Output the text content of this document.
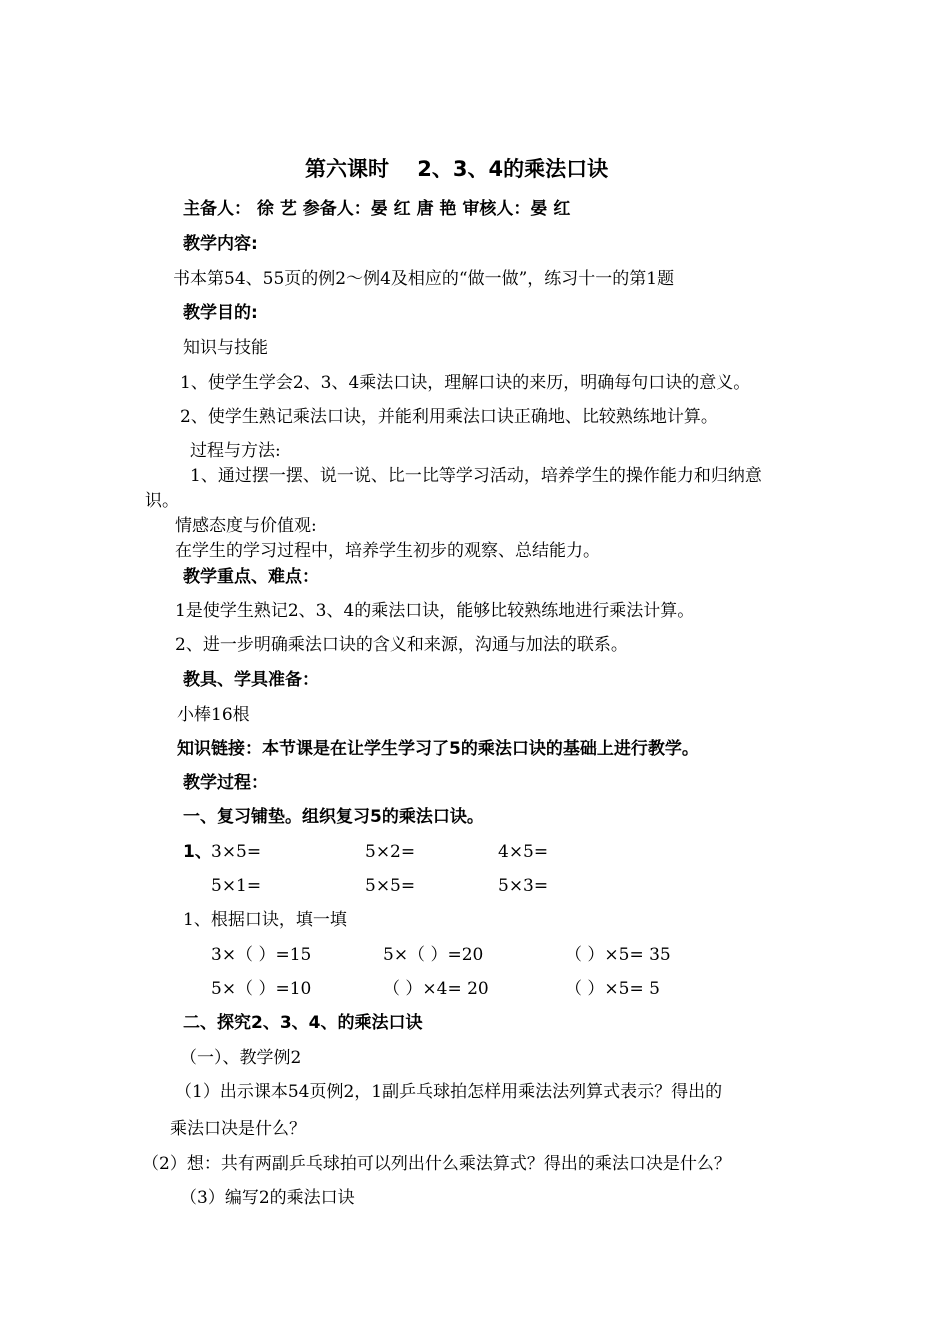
第六课时　 2、3、4的乘法口诀
主备人： 徐 艺 参备人：晏 红 唐 艳 审核人：晏 红
教学内容:
书本第54、55页的例2～例4及相应的“做一做”，练习十一的第1题
教学目的:
知识与技能
1、使学生学会2、3、4乘法口诀，理解口诀的来历，明确每句口诀的意义。
2、使学生熟记乘法口诀，并能利用乘法口诀正确地、比较熟练地计算。
过程与方法:
1、通过摆一摆、说一说、比一比等学习活动，培养学生的操作能力和归纳意
识。
情感态度与价值观:
在学生的学习过程中，培养学生初步的观察、总结能力。
教学重点、难点：
1是使学生熟记2、3、4的乘法口诀，能够比较熟练地进行乘法计算。
2、进一步明确乘法口诀的含义和来源，沟通与加法的联系。
教具、学具准备：
小棒16根
知识链接：本节课是在让学生学习了5的乘法口诀的基础上进行教学。
教学过程：
一、复习铺垫。组织复习5的乘法口诀。
1、 3×5=	5×2=	4×5=
5×1=	5×5=	5×3=
1、根据口诀，填一填
3×（ ）=15	5×（ ）=20	（ ）×5= 35
5×（ ）=10	（ ）×4= 20	（ ）×5= 5
二、探究2、3、4、的乘法口诀
（一）、教学例2
（1）出示课本54页例2，1副乒乓球拍怎样用乘法法列算式表示？得出的
乘法口决是什么？
（2）想：共有两副乒乓球拍可以列出什么乘法算式？得出的乘法口决是什么？
（3）编写2的乘法口诀
